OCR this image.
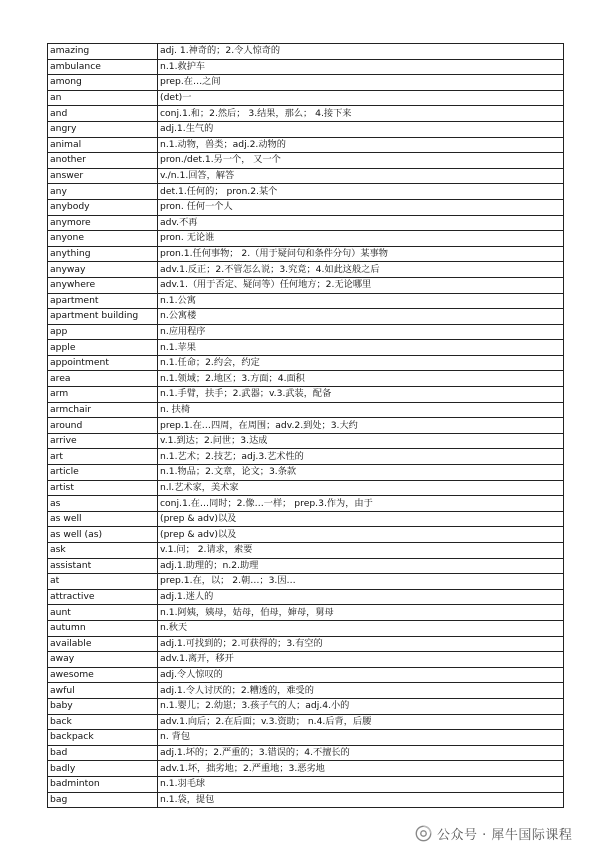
amazing	adj. 1.神奇的；2.令人惊奇的
ambulance	n.1.救护车
among	prep.在…之间
an	(det)一
and	conj.1.和；2.然后； 3.结果，那么； 4.接下来
angry	adj.1.生气的
animal	n.1.动物，兽类；adj.2.动物的
another	pron./det.1.另一个， 又一个
answer	v./n.1.回答，解答
any	det.1.任何的； pron.2.某个
anybody	pron. 任何一个人
anymore	adv.不再
anyone	pron. 无论谁
anything	pron.1.任何事物； 2.（用于疑问句和条件分句）某事物
anyway	adv.1.反正；2.不管怎么说；3.究竟；4.如此这般之后
anywhere	adv.1.（用于否定、疑问等）任何地方；2.无论哪里
apartment	n.1.公寓
apartment building	n.公寓楼
app	n.应用程序
apple	n.1.苹果
appointment	n.1.任命；2.约会，约定
area	n.1.领域；2.地区；3.方面；4.面积
arm	n.1.手臂，扶手；2.武器；v.3.武装，配备
armchair	n. 扶椅
around	prep.1.在…四周，在周围；adv.2.到处；3.大约
arrive	v.1.到达；2.问世；3.达成
art	n.1.艺术；2.技艺；adj.3.艺术性的
article	n.1.物品；2.文章，论文；3.条款
artist	n.l.艺术家，美术家
as	conj.1.在…同时；2.像…一样； prep.3.作为，由于
as well	(prep & adv)以及
as well (as)	(prep & adv)以及
ask	v.1.问； 2.请求，索要
assistant	adj.1.助理的；n.2.助理
at	prep.1.在，以； 2.朝…；3.因…
attractive	adj.1.迷人的
aunt	n.1.阿姨，姨母，姑母，伯母，婶母，舅母
autumn	n.秋天
available	adj.1.可找到的；2.可获得的；3.有空的
away	adv.1.离开，移开
awesome	adj.令人惊叹的
awful	adj.1.令人讨厌的；2.糟透的，难受的
baby	n.1.婴儿；2.幼崽；3.孩子气的人；adj.4.小的
back	adv.1.向后；2.在后面；v.3.资助； n.4.后背，后腰
backpack	n. 背包
bad	adj.1.坏的；2.严重的；3.错误的；4.不擅长的
badly	adv.1.坏，拙劣地；2.严重地；3.恶劣地
badminton	n.1.羽毛球
bag	n.1.袋，提包
公众号 · 犀牛国际课程
